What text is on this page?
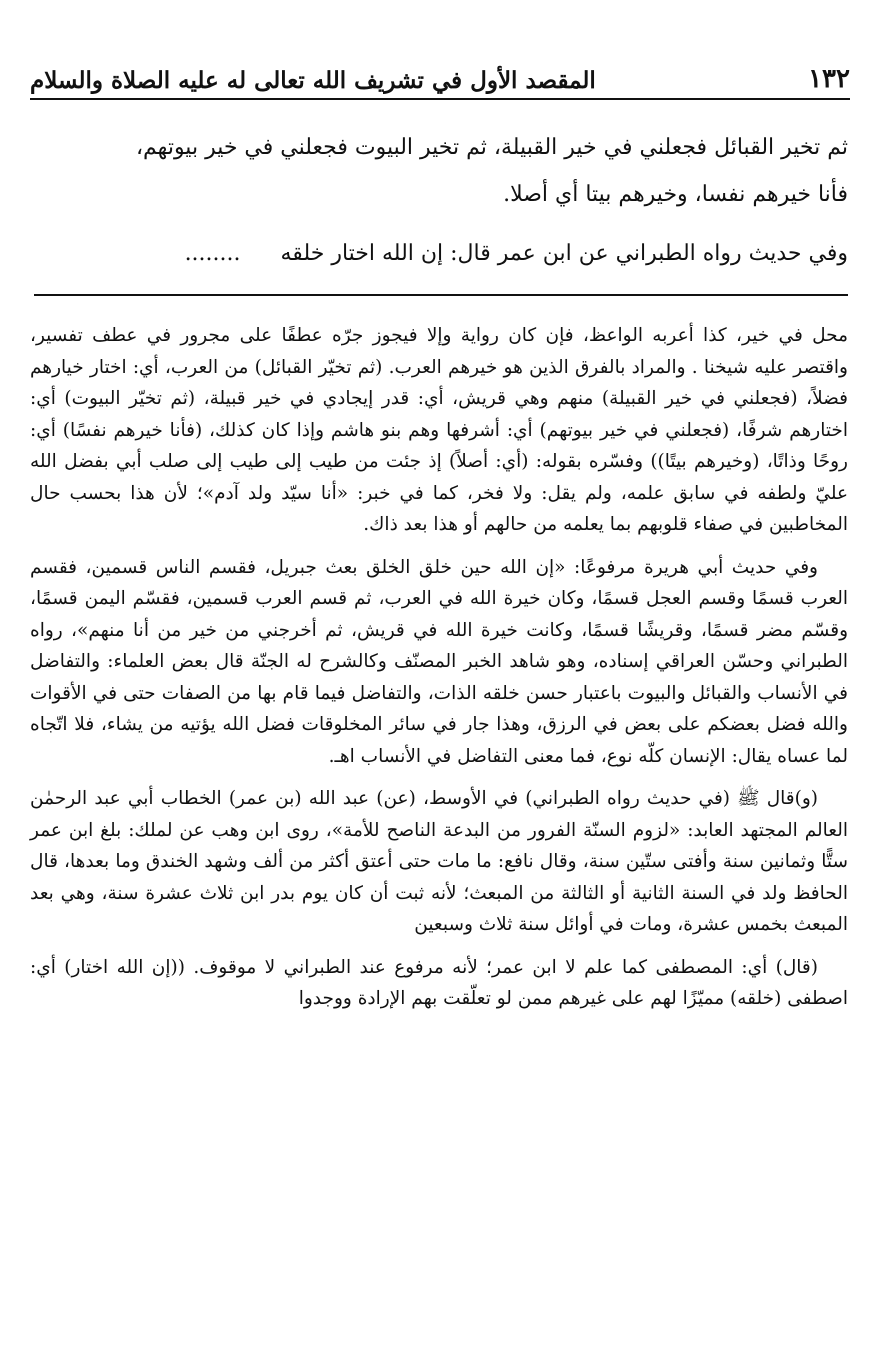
١٣٢
المقصد الأول في تشريف الله تعالى له عليه الصلاة والسلام

ثم تخير القبائل فجعلني في خير القبيلة، ثم تخير البيوت فجعلني في خير بيوتهم،

فأنا خيرهم نفسا، وخيرهم بيتا أي أصلا.

وفي حديث رواه الطبراني عن ابن عمر قال: إن الله اختار خلقه........

محل في خير، كذا أعربه الواعظ، فإن كان رواية وإلا فيجوز جرّه عطفًا على مجرور في عطف تفسير، واقتصر عليه شيخنا . والمراد بالفرق الذين هو خيرهم العرب. (ثم تخيّر القبائل) من العرب، أي: اختار خيارهم فضلاً، (فجعلني في خير القبيلة) منهم وهي قريش، أي: قدر إيجادي في خير قبيلة، (ثم تخيّر البيوت) أي: اختارهم شرفًا، (فجعلني في خير بيوتهم) أي: أشرفها وهم بنو هاشم وإذا كان كذلك، (فأنا خيرهم نفسًا) أي: روحًا وذاتًا، (وخيرهم بيتًا)) وفسّره بقوله: (أي: أصلاً) إذ جئت من طيب إلى طيب إلى صلب أبي بفضل الله عليّ ولطفه في سابق علمه، ولم يقل: ولا فخر، كما في خبر: «أنا سيّد ولد آدم»؛ لأن هذا بحسب حال المخاطبين في صفاء قلوبهم بما يعلمه من حالهم أو هذا بعد ذاك.

وفي حديث أبي هريرة مرفوعًا: «إن الله حين خلق الخلق بعث جبريل، فقسم الناس قسمين، فقسم العرب قسمًا وقسم العجل قسمًا، وكان خيرة الله في العرب، ثم قسم العرب قسمين، فقسّم اليمن قسمًا، وقسّم مضر قسمًا، وقريشًا قسمًا، وكانت خيرة الله في قريش، ثم أخرجني من خير من أنا منهم»، رواه الطبراني وحسّن العراقي إسناده، وهو شاهد الخبر المصنّف وكالشرح له الجنّة قال بعض العلماء: والتفاضل في الأنساب والقبائل والبيوت باعتبار حسن خلقه الذات، والتفاضل فيما قام بها من الصفات حتى في الأقوات والله فضل بعضكم على بعض في الرزق، وهذا جار في سائر المخلوقات فضل الله يؤتيه من يشاء، فلا اتّجاه لما عساه يقال: الإنسان كلّه نوع، فما معنى التفاضل في الأنساب اهـ.

(و)قال ﷺ (في حديث رواه الطبراني) في الأوسط، (عن) عبد الله (بن عمر) الخطاب أبي عبد الرحمٰن العالم المجتهد العابد: «لزوم السنّة الفرور من البدعة الناصح للأمة»، روى ابن وهب عن لملك: بلغ ابن عمر ستًّا وثمانين سنة وأفتى ستّين سنة، وقال نافع: ما مات حتى أعتق أكثر من ألف وشهد الخندق وما بعدها، قال الحافظ ولد في السنة الثانية أو الثالثة من المبعث؛ لأنه ثبت أن كان يوم بدر ابن ثلاث عشرة سنة، وهي بعد المبعث بخمس عشرة، ومات في أوائل سنة ثلاث وسبعين

(قال) أي: المصطفى كما علم لا ابن عمر؛ لأنه مرفوع عند الطبراني لا موقوف. ((إن الله اختار) أي: اصطفى (خلقه) مميّزًا لهم على غيرهم ممن لو تعلّقت بهم الإرادة ووجدوا
